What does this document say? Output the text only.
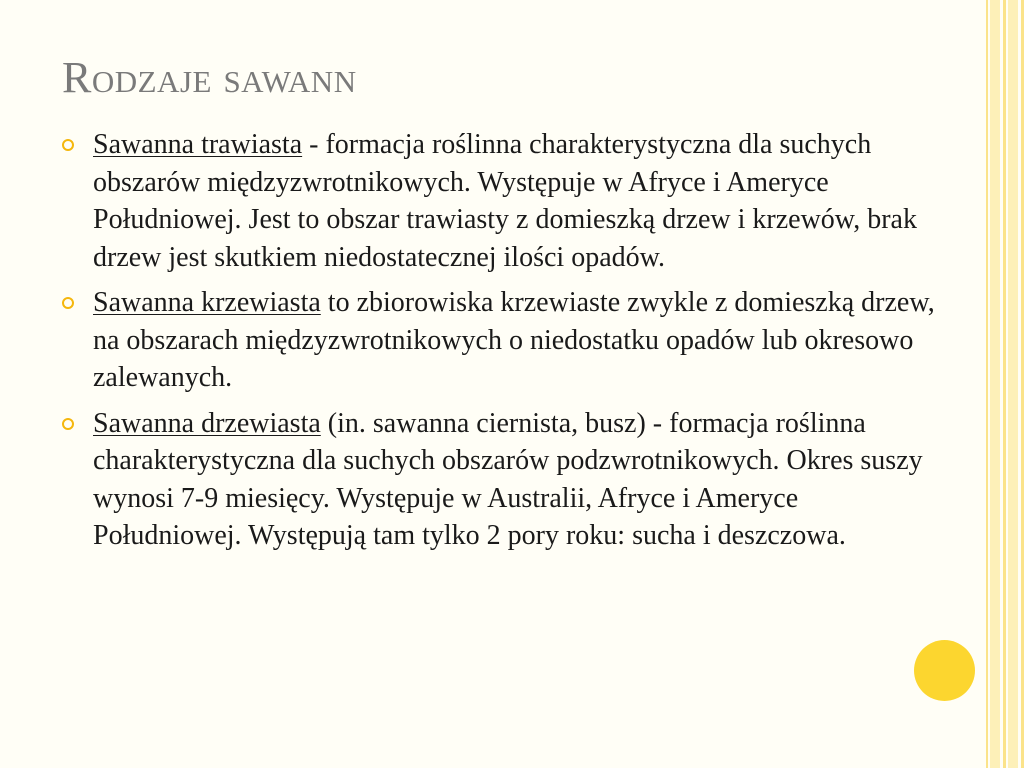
Rodzaje sawann
Sawanna trawiasta - formacja roślinna charakterystyczna dla suchych obszarów międzyzwrotnikowych. Występuje w Afryce i Ameryce Południowej. Jest to obszar trawiasty z domieszką drzew i krzewów, brak drzew jest skutkiem niedostatecznej ilości opadów.
Sawanna krzewiasta to zbiorowiska krzewiaste zwykle z domieszką drzew, na obszarach międzyzwrotnikowych o niedostatku opadów lub okresowo zalewanych.
Sawanna drzewiasta (in. sawanna ciernista, busz) - formacja roślinna charakterystyczna dla suchych obszarów podzwrotnikowych. Okres suszy wynosi 7-9 miesięcy. Występuje w Australii, Afryce i Ameryce Południowej. Występują tam tylko 2 pory roku: sucha i deszczowa.
